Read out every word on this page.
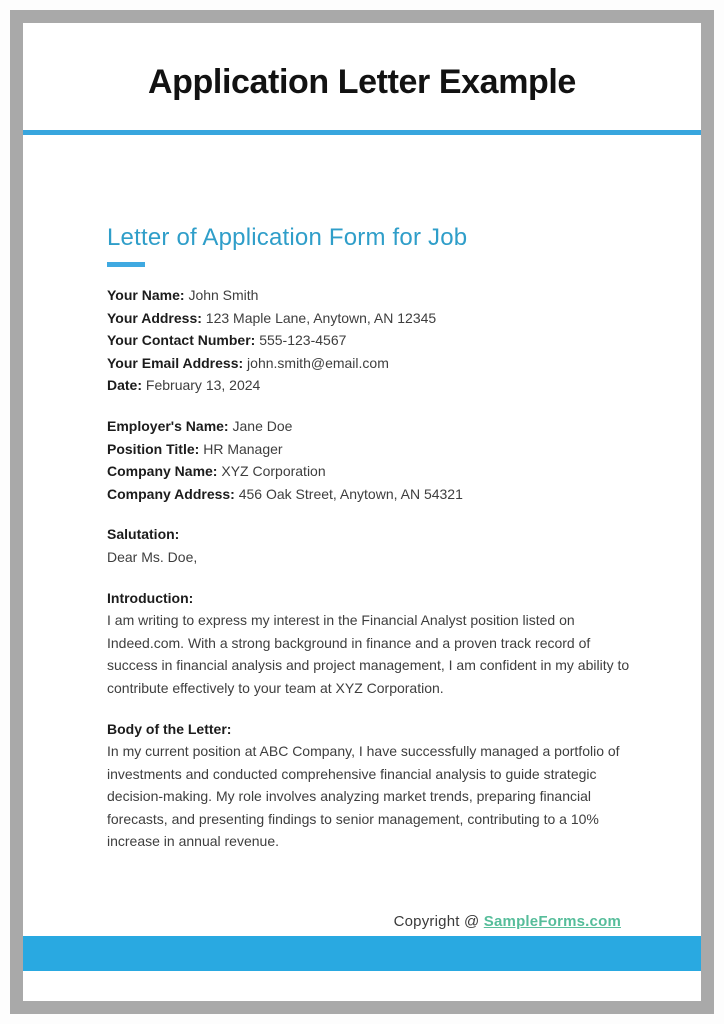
Application Letter Example
Letter of Application Form for Job
Your Name: John Smith
Your Address: 123 Maple Lane, Anytown, AN 12345
Your Contact Number: 555-123-4567
Your Email Address: john.smith@email.com
Date: February 13, 2024
Employer's Name: Jane Doe
Position Title: HR Manager
Company Name: XYZ Corporation
Company Address: 456 Oak Street, Anytown, AN 54321
Salutation:
Dear Ms. Doe,
Introduction:
I am writing to express my interest in the Financial Analyst position listed on Indeed.com. With a strong background in finance and a proven track record of success in financial analysis and project management, I am confident in my ability to contribute effectively to your team at XYZ Corporation.
Body of the Letter:
In my current position at ABC Company, I have successfully managed a portfolio of investments and conducted comprehensive financial analysis to guide strategic decision-making. My role involves analyzing market trends, preparing financial forecasts, and presenting findings to senior management, contributing to a 10% increase in annual revenue.
Copyright @ SampleForms.com
